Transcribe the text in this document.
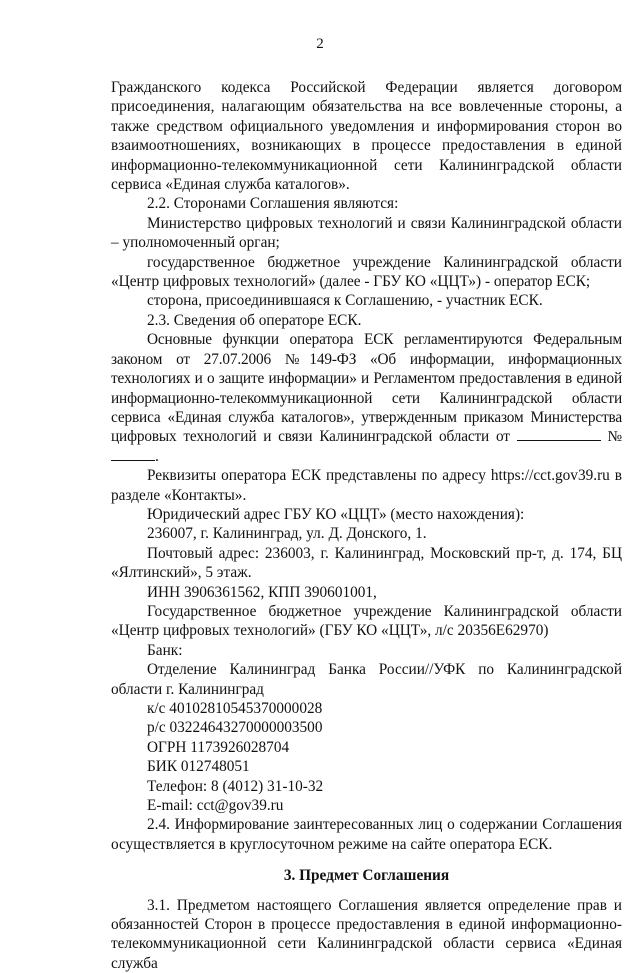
2

Гражданского кодекса Российской Федерации является договором присоединения, налагающим обязательства на все вовлеченные стороны, а также средством официального уведомления и информирования сторон во взаимоотношениях, возникающих в процессе предоставления в единой информационно-телекоммуникационной сети Калининградской области сервиса «Единая служба каталогов».

2.2. Сторонами Соглашения являются:

Министерство цифровых технологий и связи Калининградской области – уполномоченный орган;

государственное бюджетное учреждение Калининградской области «Центр цифровых технологий» (далее - ГБУ КО «ЦЦТ») - оператор ЕСК;

сторона, присоединившаяся к Соглашению, - участник ЕСК.

2.3. Сведения об операторе ЕСК.

Основные функции оператора ЕСК регламентируются Федеральным законом от 27.07.2006 №149-ФЗ «Об информации, информационных технологиях и о защите информации» и Регламентом предоставления в единой информационно-телекоммуникационной сети Калининградской области сервиса «Единая служба каталогов», утвержденным приказом Министерства цифровых технологий и связи Калининградской области от	№.

Реквизиты оператора ЕСК представлены по адресу https://cct.gov39.ru в разделе «Контакты».

Юридический адрес ГБУ КО «ЦЦТ» (место нахождения):

236007, г. Калининград, ул. Д. Донского, 1.

Почтовый адрес: 236003, г. Калининград, Московский пр-т, д. 174, БЦ «Ялтинский», 5 этаж.

ИНН 3906361562, КПП 390601001,

Государственное бюджетное учреждение Калининградской области «Центр цифровых технологий» (ГБУ КО «ЦЦТ», л/с 20356Е62970)

Банк:

Отделение Калининград Банка России//УФК по Калининградской области г. Калининград

к/с 40102810545370000028

р/с 03224643270000003500

ОГРН 1173926028704

БИК 012748051

Телефон: 8 (4012) 31-10-32

E-mail: cct@gov39.ru

2.4. Информирование заинтересованных лиц о содержании Соглашения осуществляется в круглосуточном режиме на сайте оператора ЕСК.

3. Предмет Соглашения

3.1. Предметом настоящего Соглашения является определение прав и обязанностей Сторон в процессе предоставления в единой информационно-телекоммуникационной сети Калининградской области сервиса «Единая служба
